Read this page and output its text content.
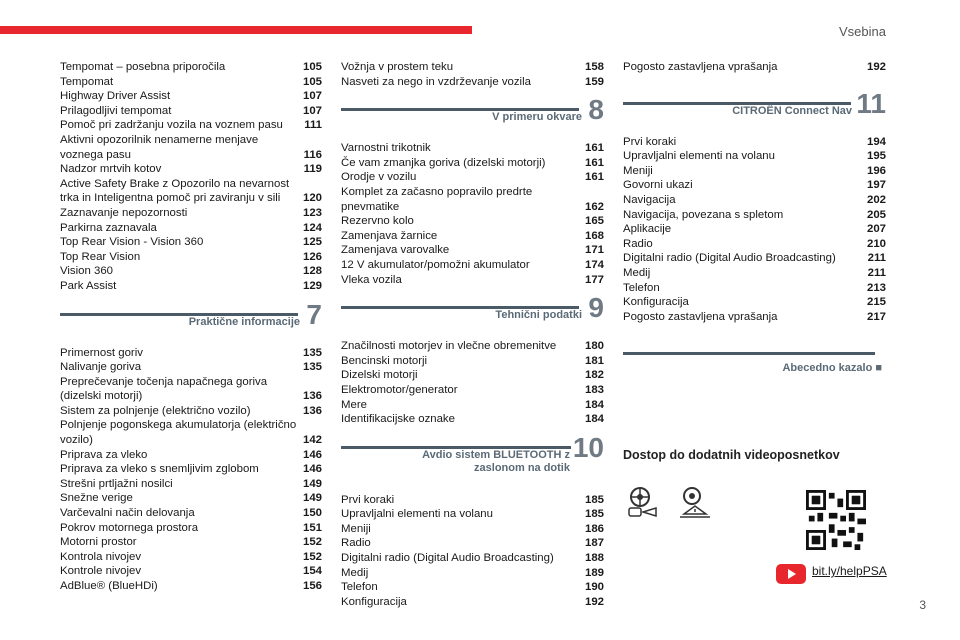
Vsebina
Tempomat – posebna priporočila	105
Tempomat	105
Highway Driver Assist	107
Prilagodljivi tempomat	107
Pomoč pri zadržanju vozila na voznem pasu	111
Aktivni opozorilnik nenamerne menjave
voznega pasu	116
Nadzor mrtvih kotov	119
Active Safety Brake z Opozorilo na nevarnost
trka in Inteligentna pomoč pri zaviranju v sili	120
Zaznavanje nepozornosti	123
Parkirna zaznavala	124
Top Rear Vision - Vision 360	125
Top Rear Vision	126
Vision 360	128
Park Assist	129
Praktične informacije 7
Primernost goriv	135
Nalivanje goriva	135
Preprečevanje točenja napačnega goriva
(dizelski motorji)	136
Sistem za polnjenje (električno vozilo)	136
Polnjenje pogonskega akumulatorja (električno
vozilo)	142
Priprava za vleko	146
Priprava za vleko s snemljivim zglobom	146
Strešni prtljažni nosilci	149
Snežne verige	149
Varčevalni način delovanja	150
Pokrov motornega prostora	151
Motorni prostor	152
Kontrola nivojev	152
Kontrole nivojev	154
AdBlue® (BlueHDi)	156
Vožnja v prostem teku	158
Nasveti za nego in vzdrževanje vozila	159
V primeru okvare 8
Varnostni trikotnik	161
Če vam zmanjka goriva (dizelski motorji)	161
Orodje v vozilu	161
Komplet za začasno popravilo predrte
pnevmatike	162
Rezervno kolo	165
Zamenjava žarnice	168
Zamenjava varovalke	171
12 V akumulator/pomožni akumulator	174
Vleka vozila	177
Tehnični podatki 9
Značilnosti motorjev in vlečne obremenitve	180
Bencinski motorji	181
Dizelski motorji	182
Elektromotor/generator	183
Mere	184
Identifikacijske oznake	184
Avdio sistem BLUETOOTH z
zaslonom na dotik
10
Prvi koraki	185
Upravljalni elementi na volanu	185
Meniji	186
Radio	187
Digitalni radio (Digital Audio Broadcasting)	188
Medij	189
Telefon	190
Konfiguracija	192
Pogosto zastavljena vprašanja	192
CITROËN Connect Nav 11
Prvi koraki	194
Upravljalni elementi na volanu	195
Meniji	196
Govorni ukazi	197
Navigacija	202
Navigacija, povezana s spletom	205
Aplikacije	207
Radio	210
Digitalni radio (Digital Audio Broadcasting)	211
Medij	211
Telefon	213
Konfiguracija	215
Pogosto zastavljena vprašanja	217
Abecedno kazalo ■
Dostop do dodatnih videoposnetkov
bit.ly/helpPSA
3
